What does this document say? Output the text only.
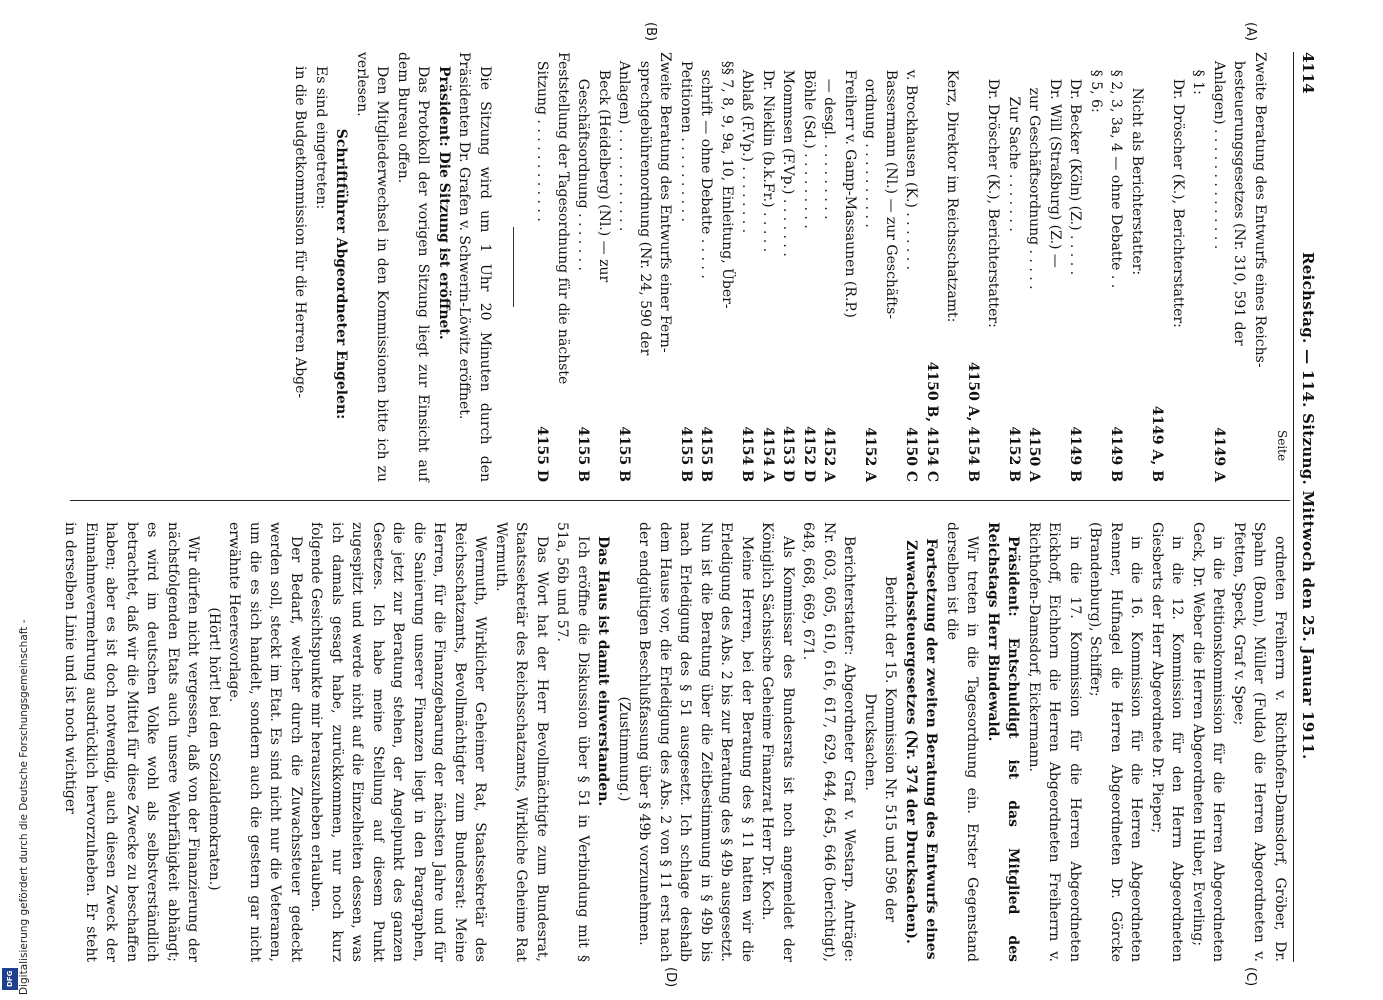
4114
Reichstag. — 114. Sitzung. Mittwoch den 25. Januar 1911.
(A)
(B)
(C)
(D)
Seite
Zweite Beratung des Entwurfs eines Reichs-
besteuerungsgesetzes (Nr. 310, 591 der
Anlagen) . . . . . . . . . . . . . .
4149 A
§ 1:
Dr. Dröscher (K.), Berichterstatter:
4149 A, B
Nicht als Berichterstatter:
§ 2, 3, 3a, 4 — ohne Debatte . .
4149 B
§ 5, 6:
Dr. Becker (Köln) (Z.) . . . . .
4149 B
Dr. Will (Straßburg) (Z.) —
zur Geschäftsordnung . . . . .
4150 A
Zur Sache . . . . . . .
4152 B
Dr. Dröscher (K.), Berichterstatter:
4150 A, 4154 B
Kerz, Direktor im Reichsschatzamt:
4150 B, 4154 C
v. Brockhausen (K.) . . . . . . .
4150 C
Bassermann (Nl.) — zur Geschäfts-
ordnung . . . . . . . . . .
4152 A
Freiherr v. Gamp-Massaunen (R.P.)
— desgl. . . . . . . . . .
4152 A
Böhle (Sd.) . . . . . . . . .
4152 D
Mommsen (F.Vp.) . . . . . . .
4153 D
Dr. Nieklin (b.k.Fr.) . . . . .
4154 A
Ablaß (F.Vp.) . . . . . . . .
4154 B
§§ 7, 8, 9, 9a, 10, Einleitung, Über-
schrift — ohne Debatte . . . . .
4155 B
Petitionen . . . . . . . . . .
4155 B
Zweite Beratung des Entwurfs einer Fern-
sprechgebührenordnung (Nr. 24, 590 der
Anlagen) . . . . . . . . . . . .
4155 B
Beck (Heidelberg) (Nl.) — zur
Geschäftsordnung . . . . . . .
4155 B
Feststellung der Tagesordnung für die nächste
Sitzung . . . . . . . . . . . .
4155 D

Die Sitzung wird um 1 Uhr 20 Minuten durch den Präsidenten Dr. Grafen v. Schwerin-Löwitz eröffnet.

Präsident: Die Sitzung ist eröffnet.

Das Protokoll der vorigen Sitzung liegt zur Einsicht auf dem Bureau offen.

Den Mitgliederwechsel in den Kommissionen bitte ich zu verlesen.

Schriftführer Abgeordneter Engelen:

Es sind eingetreten:

in die Budgetkommission für die Herren Abge-

ordneten Freiherrn v. Richthofen-Damsdorf, Gröber, Dr. Spahn (Bonn), Müller (Fulda) die Herren Abgeordneten v. Pfetten, Speck, Graf v. Spee;

in die Petitionskommission für die Herren Abgeordneten Geck, Dr. Weber die Herren Abgeordneten Huber, Everling;

in die 12. Kommission für den Herrn Abgeordneten Giesberts der Herr Abgeordnete Dr. Pieper;

in die 16. Kommission für die Herren Abgeordneten Renner, Hufnagel die Herren Abgeordneten Dr. Görcke (Brandenburg), Schiffer;

in die 17. Kommission für die Herren Abgeordneten Eickhoff, Eichhorn die Herren Abgeordneten Freiherrn v. Richthofen-Damsdorf, Eickermann.

Präsident: Entschuldigt ist das Mitglied des Reichstags Herr Bindewald.

Wir treten in die Tagesordnung ein. Erster Gegenstand derselben ist die

Fortsetzung der zweiten Beratung des Entwurfs eines Zuwachssteuergesetzes (Nr. 374 der Drucksachen).

Bericht der 15. Kommission Nr. 515 und 596 der Drucksachen.

Berichterstatter: Abgeordneter Graf v. Westarp. Anträge: Nr. 603, 605, 610, 616, 617, 629, 644, 645, 646 (berichtigt), 648, 668, 669, 671.

Als Kommissar des Bundesrats ist noch angemeldet der Königlich Sächsische Geheime Finanzrat Herr Dr. Koch.

Meine Herren, bei der Beratung des § 11 hatten wir die Erledigung des Abs. 2 bis zur Beratung des § 49b ausgesetzt. Nun ist die Beratung über die Zeitbestimmung in § 49b bis nach Erledigung des § 51 ausgesetzt. Ich schlage deshalb dem Hause vor, die Erledigung des Abs. 2 von § 11 erst nach der endgültigen Beschlußfassung über § 49b vorzunehmen.

(Zustimmung.)

Das Haus ist damit einverstanden.

Ich eröffne die Diskussion über § 51 in Verbindung mit § 51a, 56b und 57.

Das Wort hat der Herr Bevollmächtigte zum Bundesrat, Staatssekretär des Reichsschatzamts, Wirkliche Geheime Rat Wermuth.

Wermuth, Wirklicher Geheimer Rat, Staatssekretär des Reichsschatzamts, Bevollmächtigter zum Bundesrat: Meine Herren, für die Finanzgebarung der nächsten Jahre und für die Sanierung unserer Finanzen liegt in den Paragraphen, die jetzt zur Beratung stehen, der Angelpunkt des ganzen Gesetzes. Ich habe meine Stellung auf diesem Punkt zugespitzt und werde nicht auf die Einzelheiten dessen, was ich damals gesagt habe, zurückkommen, nur noch kurz folgende Gesichtspunkte mir herauszuheben erlauben.

Der Bedarf, welcher durch die Zuwachssteuer gedeckt werden soll, steckt im Etat. Es sind nicht nur die Veteranen, um die es sich handelt, sondern auch die gestern gar nicht erwähnte Heeresvorlage.

(Hört! hört! bei den Sozialdemokraten.)

Wir dürfen nicht vergessen, daß von der Finanzierung der nächstfolgenden Etats auch unsere Wehrfähigkeit abhängt; es wird im deutschen Volke wohl als selbstverständlich betrachtet, daß wir die Mittel für diese Zwecke zu beschaffen haben; aber es ist doch notwendig, auch diesen Zweck der Einnahmevermehrung ausdrücklich hervorzuheben. Er steht in derselben Linie und ist noch wichtiger

Digitalisierung gefördert durch die Deutsche Forschungsgemeinschaft -
DFG
